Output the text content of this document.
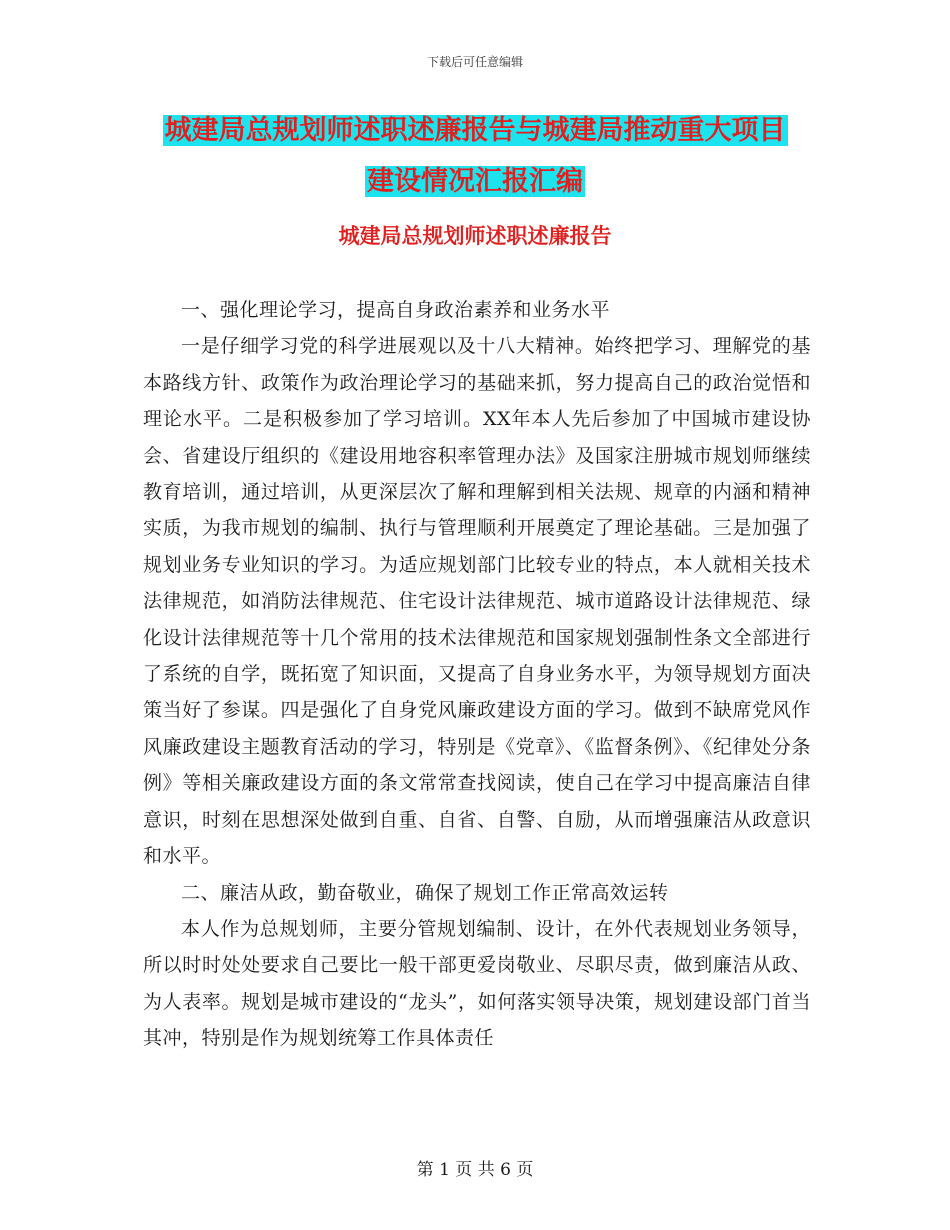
下载后可任意编辑
城建局总规划师述职述廉报告与城建局推动重大项目
建设情况汇报汇编
城建局总规划师述职述廉报告

一、强化理论学习，提高自身政治素养和业务水平

一是仔细学习党的科学进展观以及十八大精神。始终把学习、理解党的基本路线方针、政策作为政治理论学习的基础来抓，努力提高自己的政治觉悟和理论水平。二是积极参加了学习培训。XX年本人先后参加了中国城市建设协会、省建设厅组织的《建设用地容积率管理办法》及国家注册城市规划师继续教育培训，通过培训，从更深层次了解和理解到相关法规、规章的内涵和精神实质，为我市规划的编制、执行与管理顺利开展奠定了理论基础。三是加强了规划业务专业知识的学习。为适应规划部门比较专业的特点，本人就相关技术法律规范，如消防法律规范、住宅设计法律规范、城市道路设计法律规范、绿化设计法律规范等十几个常用的技术法律规范和国家规划强制性条文全部进行了系统的自学，既拓宽了知识面，又提高了自身业务水平，为领导规划方面决策当好了参谋。四是强化了自身党风廉政建设方面的学习。做到不缺席党风作风廉政建设主题教育活动的学习，特别是《党章》、《监督条例》、《纪律处分条例》等相关廉政建设方面的条文常常查找阅读，使自己在学习中提高廉洁自律意识，时刻在思想深处做到自重、自省、自警、自励，从而增强廉洁从政意识和水平。

二、廉洁从政，勤奋敬业，确保了规划工作正常高效运转

本人作为总规划师，主要分管规划编制、设计，在外代表规划业务领导，所以时时处处要求自己要比一般干部更爱岗敬业、尽职尽责，做到廉洁从政、为人表率。规划是城市建设的“龙头”，如何落实领导决策，规划建设部门首当其冲，特别是作为规划统筹工作具体责任

第 1 页 共 6 页
